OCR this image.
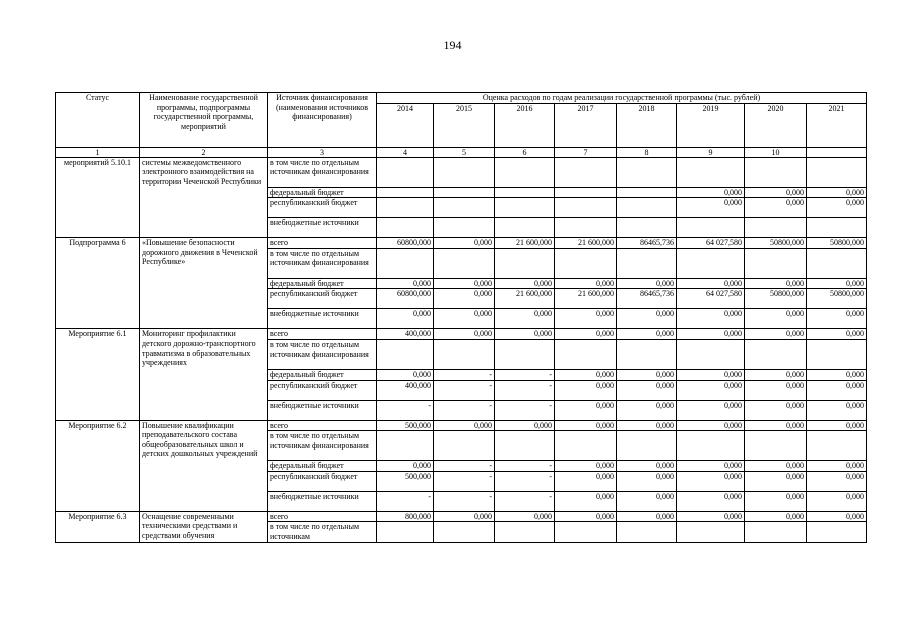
194
Статус	Наименование государственной программы, подпрограммы государственной программы, мероприятий	Источник финансирования (наименования источников финансирования)	Оценка расходов по годам реализации государственной программы (тыс. рублей)							
			2014	2015	2016	2017	2018	2019	2020	2021
1	2	3	4	5	6	7	8	9	10	
мероприятий 5.10.1	системы межведомственного электронного взаимодействия на территории Чеченской Республики	в том числе по отдельным источникам финансирования								
		федеральный бюджет						0,000	0,000	0,000
		республиканский бюджет						0,000	0,000	0,000
		внебюджетные источники								
Подпрограмма 6	«Повышение безопасности дорожного движения в Чеченской Республике»	всего	60800,000	0,000	21 600,000	21 600,000	86465,736	64 027,580	50800,000	50800,000
		в том числе по отдельным источникам финансирования								
		федеральный бюджет	0,000	0,000	0,000	0,000	0,000	0,000	0,000	0,000
		республиканский бюджет	60800,000	0,000	21 600,000	21 600,000	86465,736	64 027,580	50800,000	50800,000
		внебюджетные источники	0,000	0,000	0,000	0,000	0,000	0,000	0,000	0,000
Мероприятие 6.1	Мониторинг профилактики детского дорожно-транспортного травматизма в образовательных учреждениях	всего	400,000	0,000	0,000	0,000	0,000	0,000	0,000	0,000
		в том числе по отдельным источникам финансирования								
		федеральный бюджет	0,000	-	-	0,000	0,000	0,000	0,000	0,000
		республиканский бюджет	400,000	-	-	0,000	0,000	0,000	0,000	0,000
		внебюджетные источники	-	-	-	0,000	0,000	0,000	0,000	0,000
Мероприятие 6.2	Повышение квалификации преподавательского состава общеобразовательных школ и детских дошкольных учреждений	всего	500,000	0,000	0,000	0,000	0,000	0,000	0,000	0,000
		в том числе по отдельным источникам финансирования								
		федеральный бюджет	0,000	-	-	0,000	0,000	0,000	0,000	0,000
		республиканский бюджет	500,000	-	-	0,000	0,000	0,000	0,000	0,000
		внебюджетные источники	-	-	-	0,000	0,000	0,000	0,000	0,000
Мероприятие 6.3	Оснащение современными техническими средствами и средствами обучения	всего	800,000	0,000	0,000	0,000	0,000	0,000	0,000	0,000
		в том числе по отдельным источникам								
